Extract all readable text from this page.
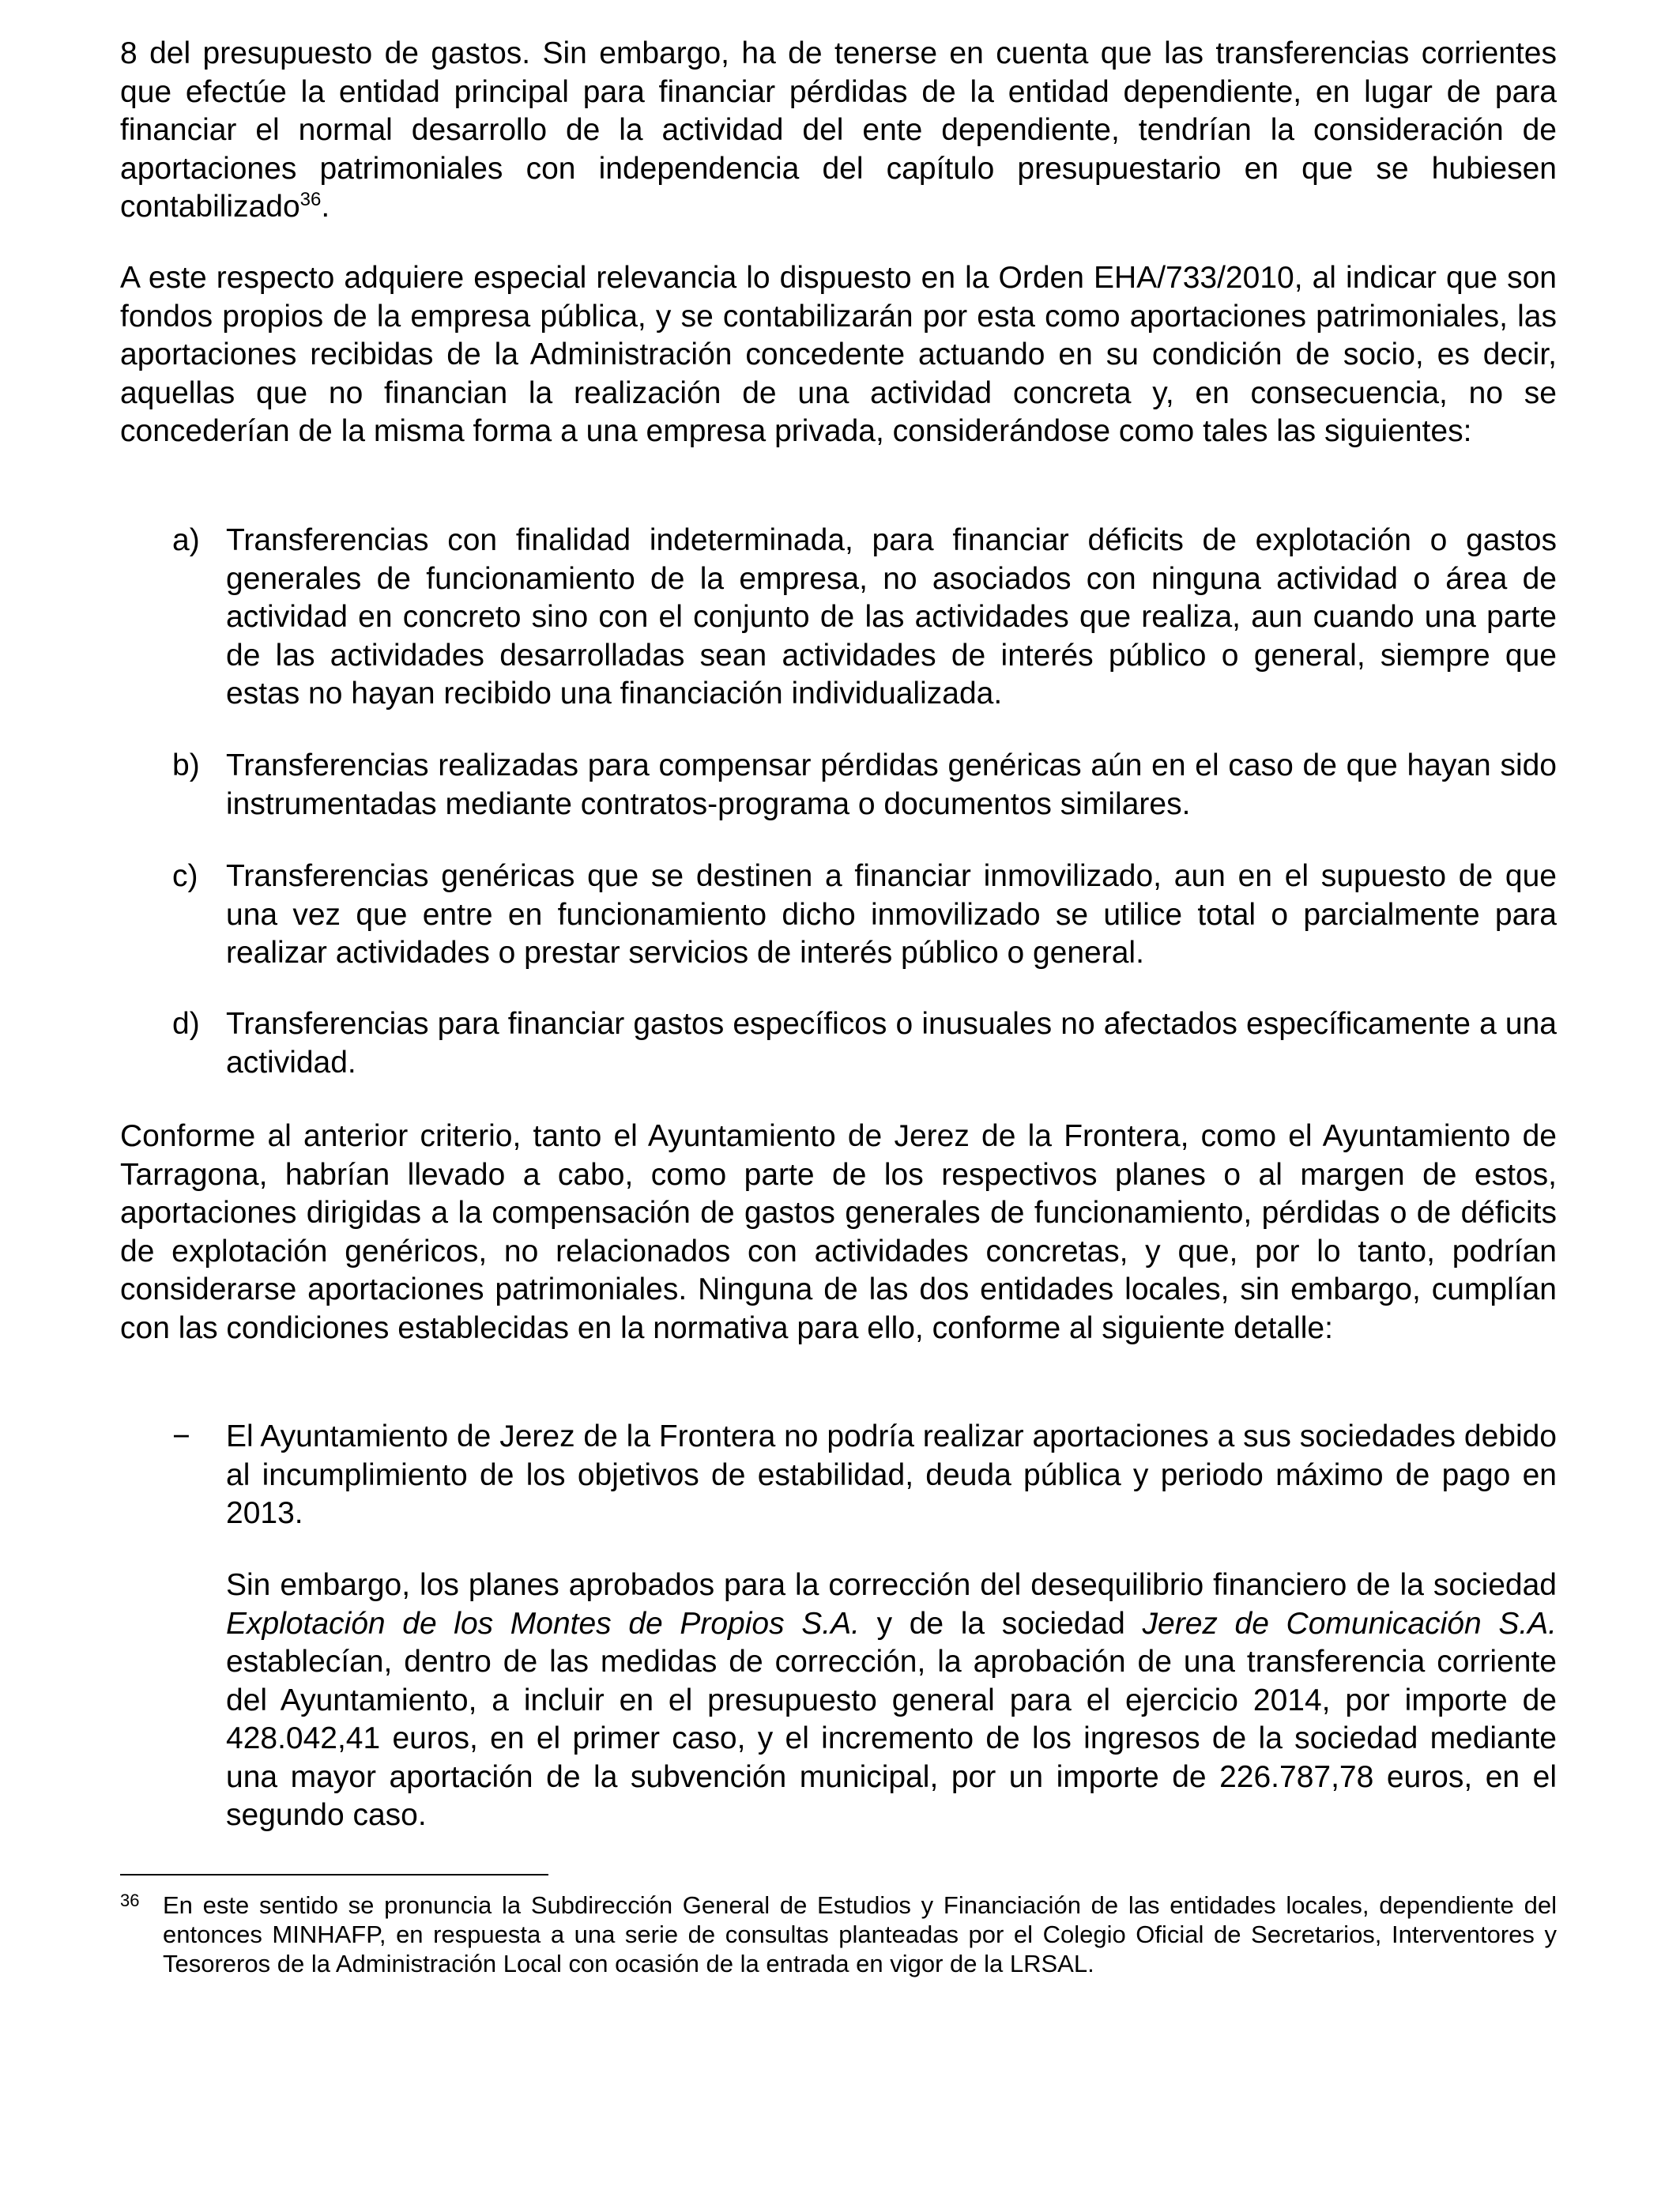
8 del presupuesto de gastos. Sin embargo, ha de tenerse en cuenta que las transferencias corrientes que efectúe la entidad principal para financiar pérdidas de la entidad dependiente, en lugar de para financiar el normal desarrollo de la actividad del ente dependiente, tendrían la consideración de aportaciones patrimoniales con independencia del capítulo presupuestario en que se hubiesen contabilizado$^{36}$.

A este respecto adquiere especial relevancia lo dispuesto en la Orden EHA/733/2010, al indicar que son fondos propios de la empresa pública, y se contabilizarán por esta como aportaciones patrimoniales, las aportaciones recibidas de la Administración concedente actuando en su condición de socio, es decir, aquellas que no financian la realización de una actividad concreta y, en consecuencia, no se concederían de la misma forma a una empresa privada, considerándose como tales las siguientes:

a) Transferencias con finalidad indeterminada, para financiar déficits de explotación o gastos generales de funcionamiento de la empresa, no asociados con ninguna actividad o área de actividad en concreto sino con el conjunto de las actividades que realiza, aun cuando una parte de las actividades desarrolladas sean actividades de interés público o general, siempre que estas no hayan recibido una financiación individualizada.
b) Transferencias realizadas para compensar pérdidas genéricas aún en el caso de que hayan sido instrumentadas mediante contratos-programa o documentos similares.
c) Transferencias genéricas que se destinen a financiar inmovilizado, aun en el supuesto de que una vez que entre en funcionamiento dicho inmovilizado se utilice total o parcialmente para realizar actividades o prestar servicios de interés público o general.
d) Transferencias para financiar gastos específicos o inusuales no afectados específicamente a una actividad.

Conforme al anterior criterio, tanto el Ayuntamiento de Jerez de la Frontera, como el Ayuntamiento de Tarragona, habrían llevado a cabo, como parte de los respectivos planes o al margen de estos, aportaciones dirigidas a la compensación de gastos generales de funcionamiento, pérdidas o de déficits de explotación genéricos, no relacionados con actividades concretas, y que, por lo tanto, podrían considerarse aportaciones patrimoniales. Ninguna de las dos entidades locales, sin embargo, cumplían con las condiciones establecidas en la normativa para ello, conforme al siguiente detalle:

− El Ayuntamiento de Jerez de la Frontera no podría realizar aportaciones a sus sociedades debido al incumplimiento de los objetivos de estabilidad, deuda pública y periodo máximo de pago en 2013.
Sin embargo, los planes aprobados para la corrección del desequilibrio financiero de la sociedad Explotación de los Montes de Propios S.A. y de la sociedad Jerez de Comunicación S.A. establecían, dentro de las medidas de corrección, la aprobación de una transferencia corriente del Ayuntamiento, a incluir en el presupuesto general para el ejercicio 2014, por importe de 428.042,41 euros, en el primer caso, y el incremento de los ingresos de la sociedad mediante una mayor aportación de la subvención municipal, por un importe de 226.787,78 euros, en el segundo caso.
36 En este sentido se pronuncia la Subdirección General de Estudios y Financiación de las entidades locales, dependiente del entonces MINHAFP, en respuesta a una serie de consultas planteadas por el Colegio Oficial de Secretarios, Interventores y Tesoreros de la Administración Local con ocasión de la entrada en vigor de la LRSAL.
